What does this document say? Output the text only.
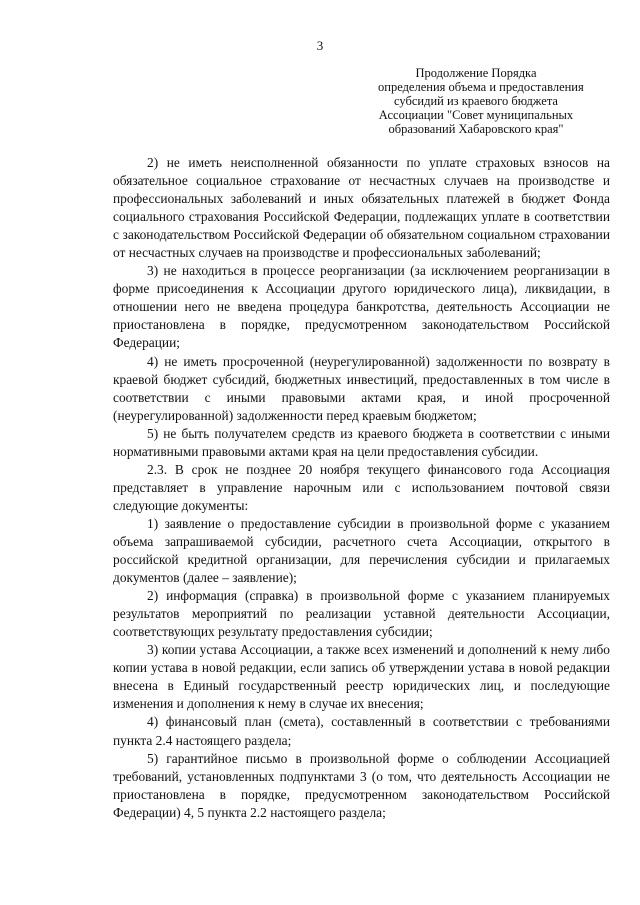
3
Продолжение Порядка
определения объема и предоставления
субсидий из краевого бюджета
Ассоциации "Совет муниципальных
образований Хабаровского края"

2) не иметь неисполненной обязанности по уплате страховых взносов на обязательное социальное страхование от несчастных случаев на производстве и профессиональных заболеваний и иных обязательных платежей в бюджет Фонда социального страхования Российской Федерации, подлежащих уплате в соответствии с законодательством Российской Федерации об обязательном социальном страховании от несчастных случаев на производстве и профессиональных заболеваний;

3) не находиться в процессе реорганизации (за исключением реорганизации в форме присоединения к Ассоциации другого юридического лица), ликвидации, в отношении него не введена процедура банкротства, деятельность Ассоциации не приостановлена в порядке, предусмотренном законодательством Российской Федерации;

4) не иметь просроченной (неурегулированной) задолженности по возврату в краевой бюджет субсидий, бюджетных инвестиций, предоставленных в том числе в соответствии с иными правовыми актами края, и иной просроченной (неурегулированной) задолженности перед краевым бюджетом;

5) не быть получателем средств из краевого бюджета в соответствии с иными нормативными правовыми актами края на цели предоставления субсидии.

2.3. В срок не позднее 20 ноября текущего финансового года Ассоциация представляет в управление нарочным или с использованием почтовой связи следующие документы:

1) заявление о предоставление субсидии в произвольной форме с указанием объема запрашиваемой субсидии, расчетного счета Ассоциации, открытого в российской кредитной организации, для перечисления субсидии и прилагаемых документов (далее – заявление);

2) информация (справка) в произвольной форме с указанием планируемых результатов мероприятий по реализации уставной деятельности Ассоциации, соответствующих результату предоставления субсидии;

3) копии устава Ассоциации, а также всех изменений и дополнений к нему либо копии устава в новой редакции, если запись об утверждении устава в новой редакции внесена в Единый государственный реестр юридических лиц, и последующие изменения и дополнения к нему в случае их внесения;

4) финансовый план (смета), составленный в соответствии с требованиями пункта 2.4 настоящего раздела;

5) гарантийное письмо в произвольной форме о соблюдении Ассоциацией требований, установленных подпунктами 3 (о том, что деятельность Ассоциации не приостановлена в порядке, предусмотренном законодательством Российской Федерации) 4, 5 пункта 2.2 настоящего раздела;
